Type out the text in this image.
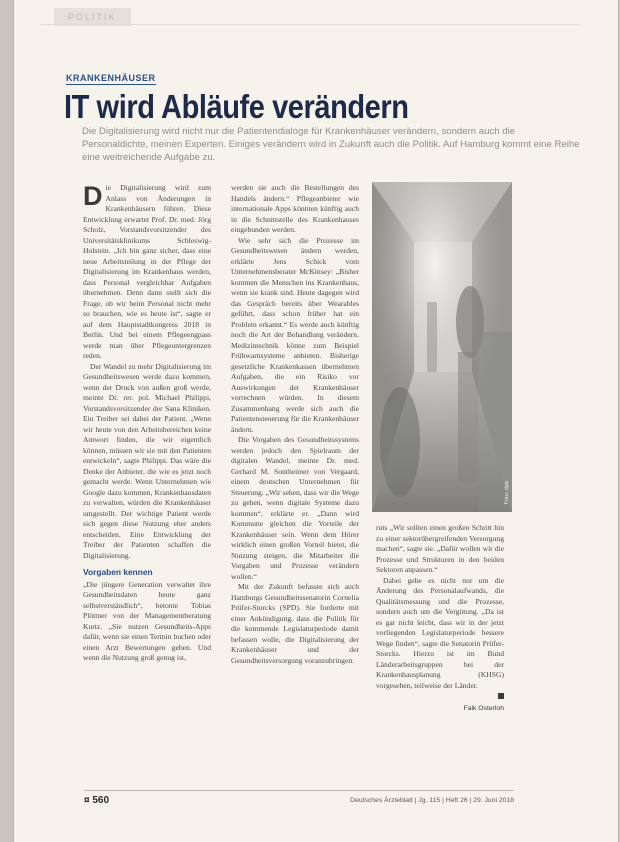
POLITIK
KRANKENHÄUSER
IT wird Abläufe verändern
Die Digitalisierung wird nicht nur die Patientendialoge für Krankenhäuser verändern, sondern auch die Personaldichte, meinen Experten. Einiges verändern wird in Zukunft auch die Politik. Auf Hamburg kommt eine Reihe eine weitreichende Aufgabe zu.

Die Digitalisierung wird zum Anlass von Änderungen in Krankenhäusern führen. Diese Entwicklung erwartet Prof. Dr. med. Jörg Scholz, Vorstandsvorsitzender des Universitätsklinikums Schleswig-Holstein. „Ich bin ganz sicher, dass eine neue Arbeitsteilung in der Pflege der Digitalisierung im Krankenhaus werden, dass Personal vergleichbar Aufgaben übernehmen. Denn dann stellt sich die Frage, ob wir beim Personal nicht mehr so brauchen, wie es heute ist“, sagte er auf dem Hauptstadtkongress 2018 in Berlin. Und bei einem Pflegeengpass werde man über Pflegeuntergrenzen reden.

Der Wandel zu mehr Digitalisierung im Gesundheitswesen werde dazu kommen, wenn der Druck von außen groß werde, meinte Dr. rer. pol. Michael Philippi, Vorstandsvorsitzender der Sana Kliniken. Ein Treiber sei dabei der Patient. „Wenn wir heute von den Arbeitsbereichen keine Antwort finden, die wir eigentlich können, müssen wir sie mit den Patienten entwickeln“, sagte Philippi. Das wäre die Denke der Anbieter, die wie es jetzt noch gemacht werde. Wenn Unternehmen wie Google dazu kommen, Krankenhausdaten zu verwalten, würden die Krankenhäuser umgestellt. Der wichtige Patient werde sich gegen diese Nutzung eher anders entscheiden. Eine Entwicklung der Treiber der Patienten schaffen die Digitalisierung.

Vorgaben kennen

„Die jüngere Generation verwaltet ihre Gesundheitsdaten heute ganz selbstverständlich“, betonte Tobias Plöttner von der Managementberatung Kurtz. „Sie nutzen Gesundheits-Apps dafür, wenn sie einen Termin buchen oder einen Arzt Bewertungen geben. Und wenn die Nutzung groß genug ist,

werden sie auch die Bestellungen des Handels ändern.“ Pflegeanbieter wie internationale Apps könnten künftig auch in die Schnittstelle des Krankenhauses eingebunden werden.

Wie sehr sich die Prozesse im Gesundheitswesen ändern werden, erklärte Jens Schick vom Unternehmensberater McKinsey: „Bisher kommen die Menschen ins Krankenhaus, wenn sie krank sind. Heute dagegen wird das Gespräch bereits über Wearables geführt, dass schon früher hat ein Problem erkannt.“ Es werde auch künftig noch die Art der Behandlung verändern. Medizintechnik könne zum Beispiel Frühwarnsysteme anbieten. Bisherige gesetzliche Krankenkassen übernehmen Aufgaben, die ein Risiko vor Auswirkungen der Krankenhäuser vorrechnen würden. In diesem Zusammenhang werde sich auch die Patientensteuerung für die Krankenhäuser ändern.

Die Vorgaben des Gesundheitssystems werden jedoch den Spielraum der digitalen Wandel, meinte Dr. med. Gerhard M. Sontheimer von Vergaard, einem deutschen Unternehmen für Steuerung. „Wir sehen, dass wir die Wege zu gehen, wenn digitale Systeme dazu kommen“, erklärte er. „Dann wird Kommune gleichen die Vorteile der Krankenhäuser sein. Wenn dem Hörer wirklich einen großen Vorteil bietet, die Nutzung steigen, die Mitarbeiter die Vorgaben und Prozesse verändern wollen.“

Mit der Zukunft befasste sich auch Hamburgs Gesundheitssenatorin Cornelia Prüfer-Storcks (SPD). Sie forderte mit einer Ankündigung, dass die Politik für die kommende Legislaturperiode damit befassen wolle, die Digitalisierung der Krankenhäuser und der Gesundheitsversorgung voranzubringen.

Foto: dpa

ruts „Wir sollten einen großen Schritt hin zu einer sektorübergreifenden Versorgung machen“, sagte sie. „Dafür wollen wir die Prozesse und Strukturen in den beiden Sektoren anpassen.“

Dabei gehe es nicht nur um die Änderung des Personalaufwands, die Qualitätsmessung und die Prozesse, sondern auch um die Vergütung. „Da ist es gar nicht leicht, dass wir in der jetzt vorliegenden Legislaturperiode bessere Wege finden“, sagte die Senatorin Prüfer-Storcks. Hierzu ist im Bund Länderarbeitsgruppen bei der Krankenhausplanung (KHSG) vorgesehen, teilweise der Länder.

Falk Osterloh
¤ 560	Deutsches Ärzteblatt | Jg. 115 | Heft 26 | 29. Juni 2018
